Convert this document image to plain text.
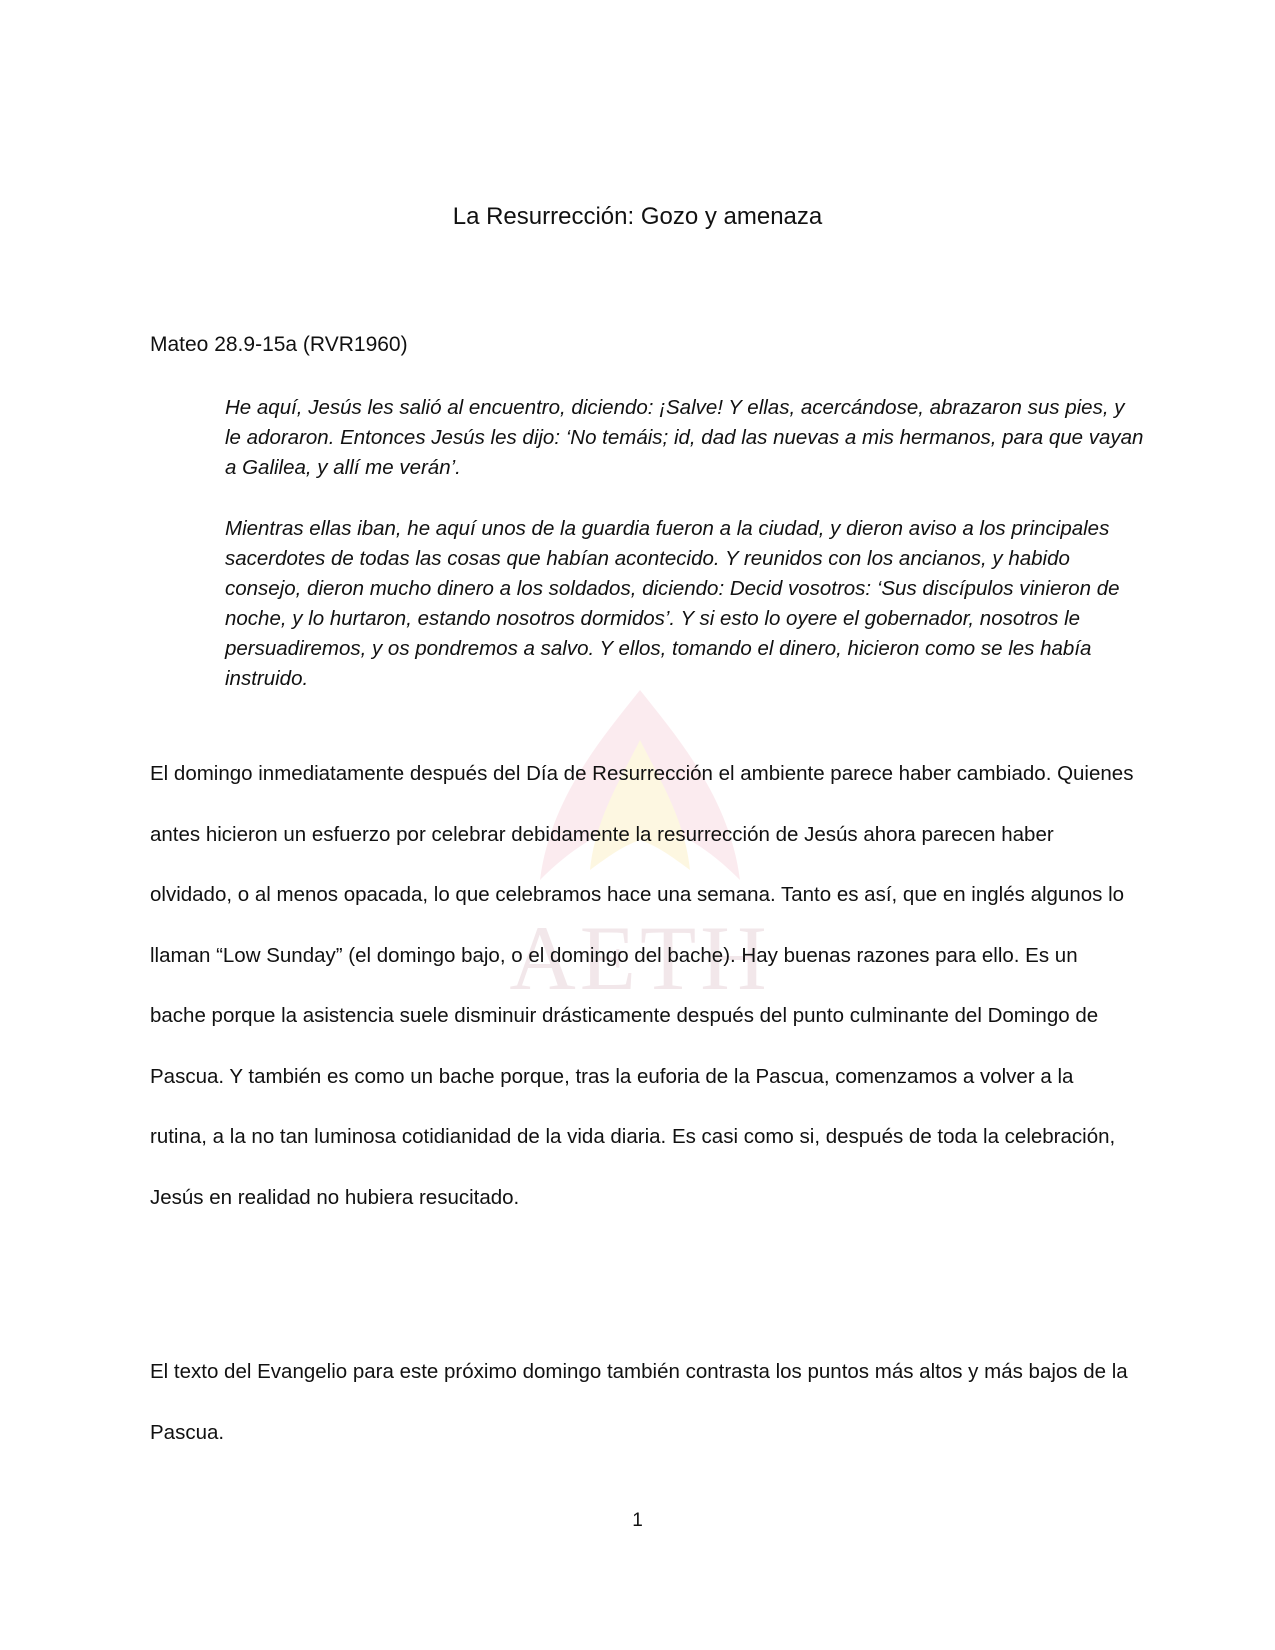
AETH
La Resurrección: Gozo y amenaza
Mateo 28.9-15a (RVR1960)

He aquí, Jesús les salió al encuentro, diciendo: ¡Salve! Y ellas, acercándose, abrazaron sus pies, y le adoraron. Entonces Jesús les dijo: ‘No temáis; id, dad las nuevas a mis hermanos, para que vayan a Galilea, y allí me verán’.

Mientras ellas iban, he aquí unos de la guardia fueron a la ciudad, y dieron aviso a los principales sacerdotes de todas las cosas que habían acontecido. Y reunidos con los ancianos, y habido consejo, dieron mucho dinero a los soldados, diciendo: Decid vosotros: ‘Sus discípulos vinieron de noche, y lo hurtaron, estando nosotros dormidos’. Y si esto lo oyere el gobernador, nosotros le persuadiremos, y os pondremos a salvo. Y ellos, tomando el dinero, hicieron como se les había instruido.

El domingo inmediatamente después del Día de Resurrección el ambiente parece haber cambiado. Quienes antes hicieron un esfuerzo por celebrar debidamente la resurrección de Jesús ahora parecen haber olvidado, o al menos opacada, lo que celebramos hace una semana. Tanto es así, que en inglés algunos lo llaman “Low Sunday” (el domingo bajo, o el domingo del bache). Hay buenas razones para ello. Es un bache porque la asistencia suele disminuir drásticamente después del punto culminante del Domingo de Pascua. Y también es como un bache porque, tras la euforia de la Pascua, comenzamos a volver a la rutina, a la no tan luminosa cotidianidad de la vida diaria. Es casi como si, después de toda la celebración, Jesús en realidad no hubiera resucitado.

El texto del Evangelio para este próximo domingo también contrasta los puntos más altos y más bajos de la Pascua.

1
